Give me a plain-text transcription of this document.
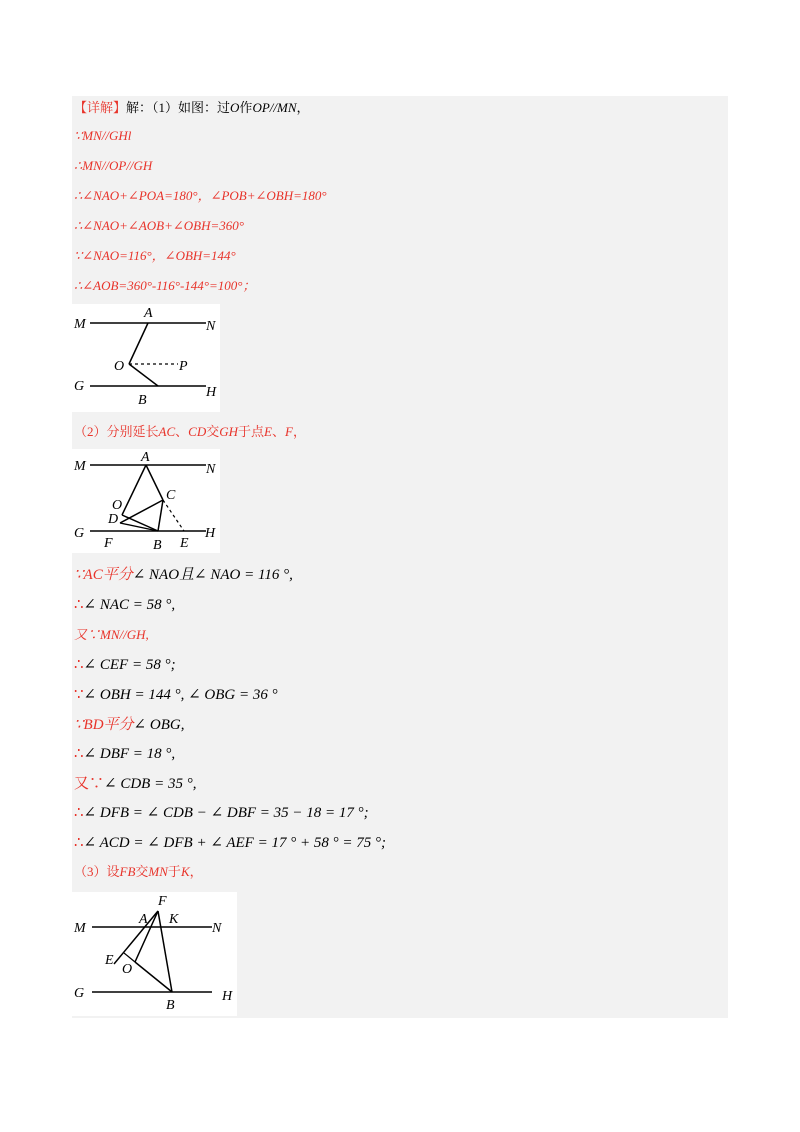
【详解】解：（1）如图：过O作OP//MN，
∵MN//GHl
∴MN//OP//GH
∴∠NAO+∠POA=180°，∠POB+∠OBH=180°
∴∠NAO+∠AOB+∠OBH=360°
∵∠NAO=116°，∠OBH=144°
∴∠AOB=360°-116°-144°=100°；
M
A
N
O	P
G	H
B
（2）分别延长AC、CD交GH于点E、F，
M
A
N
O
C
D
G	H
F	B E
∵AC平分∠ NAO且∠ NAO = 116 °,
∴∠ NAC = 58 °,
又∵MN//GH,
∴∠ CEF = 58 °;
∵∠ OBH = 144 °, ∠ OBG = 36 °
∵BD平分∠ OBG,
∴∠ DBF = 18 °,
又∵∠ CDB = 35 °,
∴∠ DFB = ∠ CDB − ∠ DBF = 35 − 18 = 17 °;
∴∠ ACD = ∠ DFB + ∠ AEF = 17 ° + 58 ° = 75 °;
（3）设FB交MN于K，
F
A K
M	N
E
O
G	H
B
